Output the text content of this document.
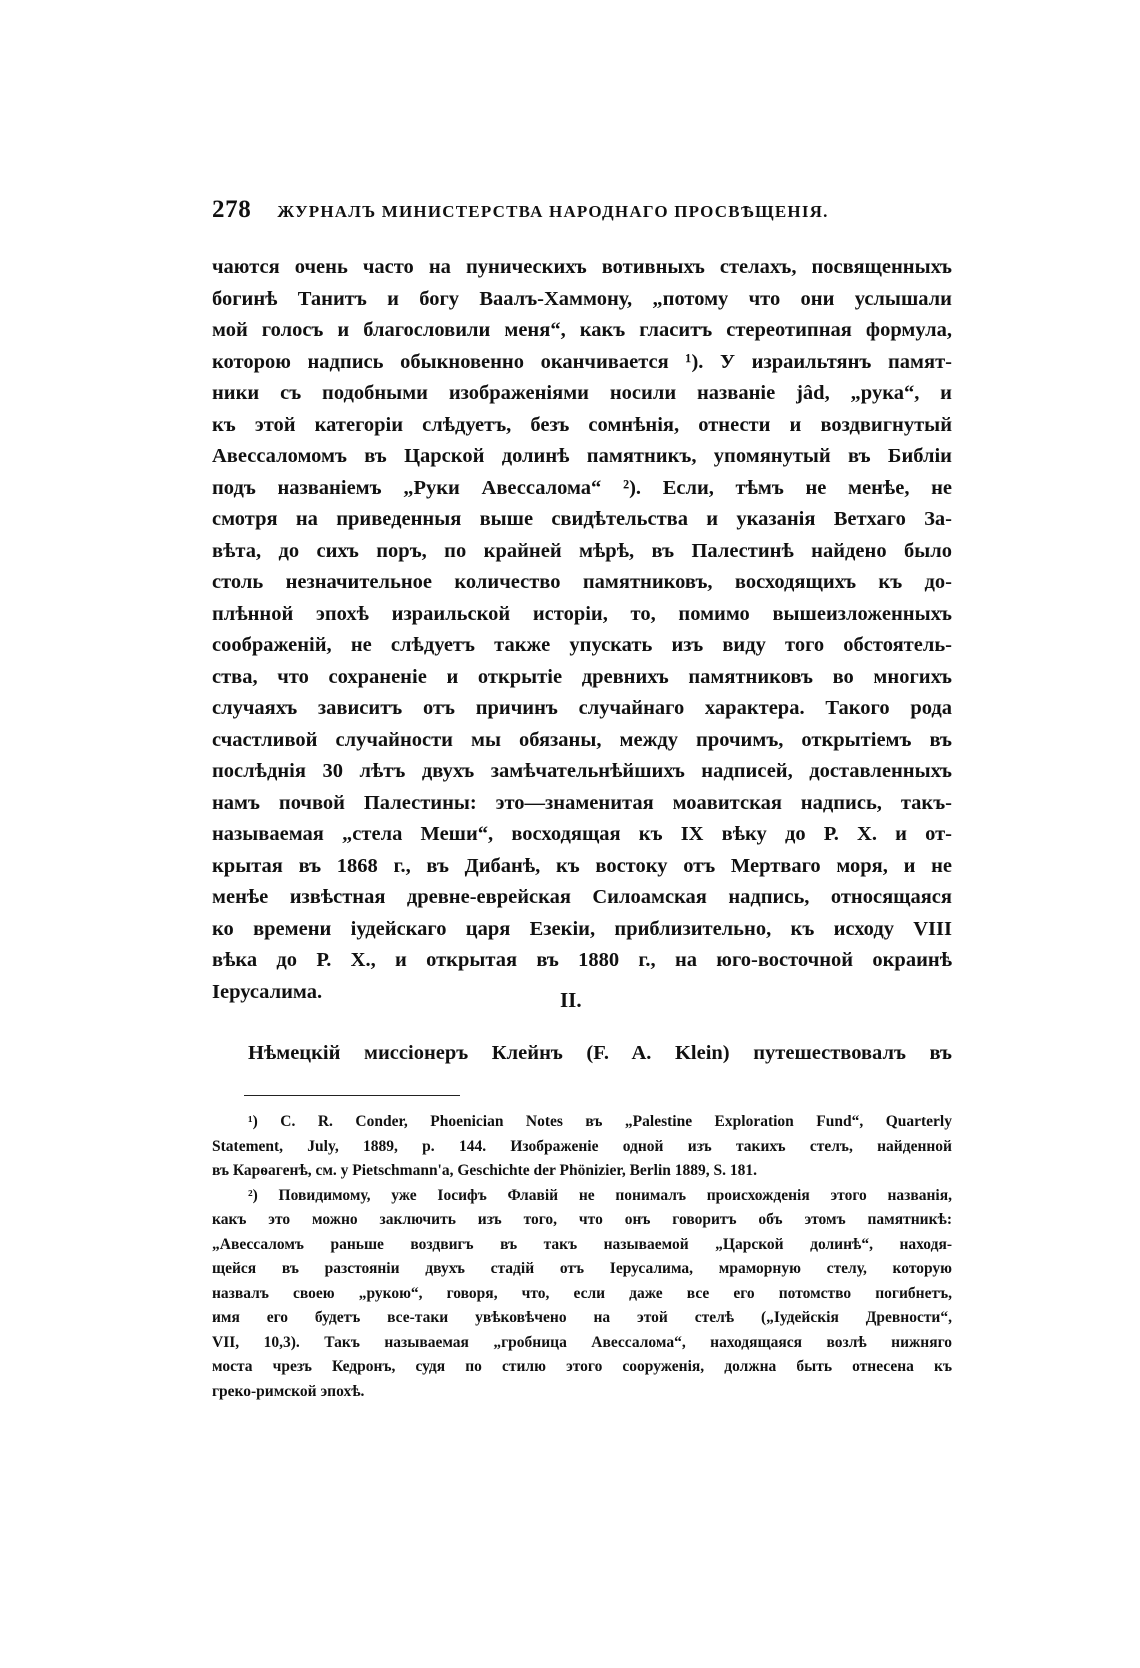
278 ЖУРНАЛЪ МИНИСТЕРСТВА НАРОДНАГО ПРОСВѢЩЕНІЯ.
чаются очень часто на пуническихъ вотивныхъ стелахъ, посвященныхъ
богинѣ Танитъ и богу Ваалъ-Хаммону, „потому что они услышали
мой голосъ и благословили меня“, какъ гласитъ стереотипная формула,
которою надпись обыкновенно оканчивается ¹). У израильтянъ памят-
ники съ подобными изображеніями носили названіе jâd, „рука“, и
къ этой категоріи слѣдуетъ, безъ сомнѣнія, отнести и воздвигнутый
Авессаломомъ въ Царской долинѣ памятникъ, упомянутый въ Библіи
подъ названіемъ „Руки Авессалома“ ²). Если, тѣмъ не менѣе, не
смотря на приведенныя выше свидѣтельства и указанія Ветхаго За-
вѣта, до сихъ поръ, по крайней мѣрѣ, въ Палестинѣ найдено было
столь незначительное количество памятниковъ, восходящихъ къ до-
плѣнной эпохѣ израильской исторіи, то, помимо вышеизложенныхъ
соображеній, не слѣдуетъ также упускать изъ виду того обстоятель-
ства, что сохраненіе и открытіе древнихъ памятниковъ во многихъ
случаяхъ зависитъ отъ причинъ случайнаго характера. Такого рода
счастливой случайности мы обязаны, между прочимъ, открытіемъ въ
послѣднія 30 лѣтъ двухъ замѣчательнѣйшихъ надписей, доставленныхъ
намъ почвой Палестины: это—знаменитая моавитская надпись, такъ-
называемая „стела Меши“, восходящая къ IX вѣку до Р. Х. и от-
крытая въ 1868 г., въ Дибанѣ, къ востоку отъ Мертваго моря, и не
менѣе извѣстная древне-еврейская Силоамская надпись, относящаяся
ко времени іудейскаго царя Езекіи, приблизительно, къ исходу VIII
вѣка до Р. Х., и открытая въ 1880 г., на юго-восточной окраинѣ
Іерусалима.	II.
Нѣмецкій миссіонеръ Клейнъ (F. A. Klein) путешествовалъ въ
¹) C. R. Conder, Phoenician Notes въ „Palestine Exploration Fund“, Quarterly
Statement, July, 1889, p. 144. Изображеніе одной изъ такихъ стелъ, найденной
въ Карѳагенѣ, см. у Pietschmann'a, Geschichte der Phönizier, Berlin 1889, S. 181.
²) Повидимому, уже Іосифъ Флавій не понималъ происхожденія этого названія,
какъ это можно заключить изъ того, что онъ говоритъ объ этомъ памятникѣ:
„Авессаломъ раньше воздвигъ въ такъ называемой „Царской долинѣ“, находя-
щейся въ разстояніи двухъ стадій отъ Іерусалима, мраморную стелу, которую
назвалъ своею „рукою“, говоря, что, если даже все его потомство погибнетъ,
имя его будетъ все-таки увѣковѣчено на этой стелѣ („Іудейскія Древности“,
VII, 10,3). Такъ называемая „гробница Авессалома“, находящаяся возлѣ нижняго
моста чрезъ Кедронъ, судя по стилю этого сооруженія, должна быть отнесена къ
греко-римской эпохѣ.
